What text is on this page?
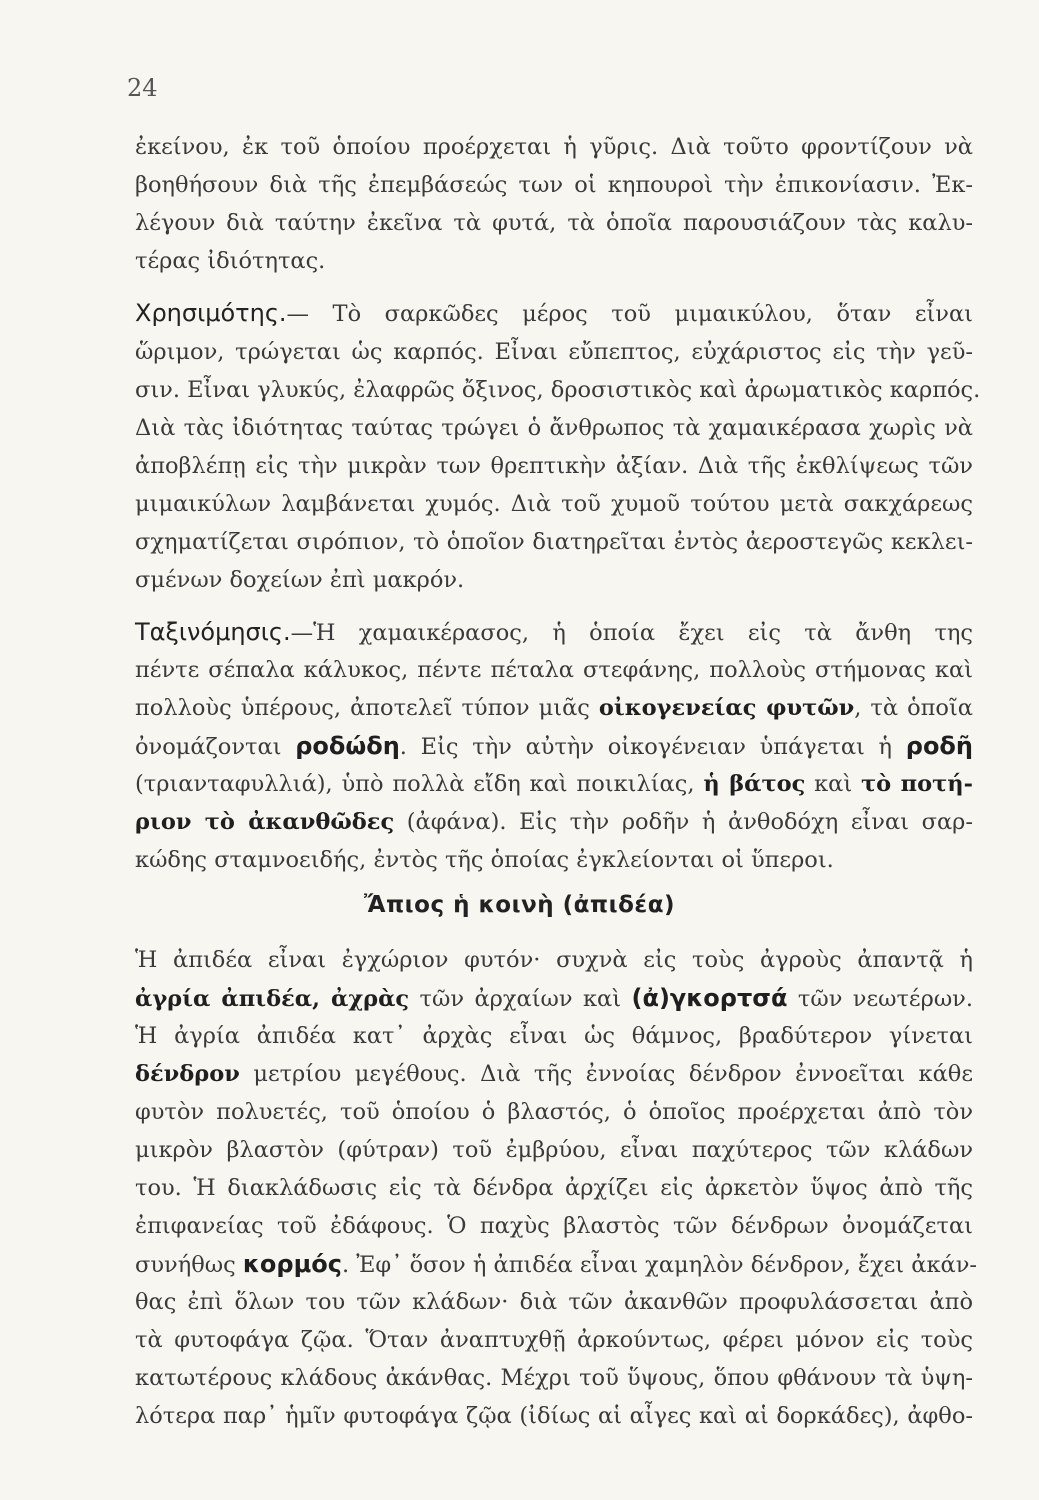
24
ἐκείνου, ἐκ τοῦ ὁποίου προέρχεται ἡ γῦρις. Διὰ τοῦτο φροντίζουν νὰ
βοηθήσουν διὰ τῆς ἐπεμβάσεώς των οἱ κηπουροὶ τὴν ἐπικονίασιν. Ἐκ-
λέγουν διὰ ταύτην ἐκεῖνα τὰ φυτά, τὰ ὁποῖα παρουσιάζουν τὰς καλυ-
τέρας ἰδιότητας.
Χρησιμότης.— Τὸ σαρκῶδες μέρος τοῦ μιμαικύλου, ὅταν εἶναι
ὥριμον, τρώγεται ὡς καρπός. Εἶναι εὔπεπτος, εὐχάριστος εἰς τὴν γεῦ-
σιν. Εἶναι γλυκύς, ἐλαφρῶς ὄξινος, δροσιστικὸς καὶ ἀρωματικὸς καρπός.
Διὰ τὰς ἰδιότητας ταύτας τρώγει ὁ ἄνθρωπος τὰ χαμαικέρασα χωρὶς νὰ
ἀποβλέπῃ εἰς τὴν μικρὰν των θρεπτικὴν ἀξίαν. Διὰ τῆς ἐκθλίψεως τῶν
μιμαικύλων λαμβάνεται χυμός. Διὰ τοῦ χυμοῦ τούτου μετὰ σακχάρεως
σχηματίζεται σιρόπιον, τὸ ὁποῖον διατηρεῖται ἐντὸς ἀεροστεγῶς κεκλει-
σμένων δοχείων ἐπὶ μακρόν.
Ταξινόμησις.—Ἡ χαμαικέρασος, ἡ ὁποία ἔχει εἰς τὰ ἄνθη της
πέντε σέπαλα κάλυκος, πέντε πέταλα στεφάνης, πολλοὺς στήμονας καὶ
πολλοὺς ὑπέρους, ἀποτελεῖ τύπον μιᾶς οἰκογενείας φυτῶν, τὰ ὁποῖα
ὀνομάζονται ροδώδη. Εἰς τὴν αὐτὴν οἰκογένειαν ὑπάγεται ἡ ροδῆ
(τριανταφυλλιά), ὑπὸ πολλὰ εἴδη καὶ ποικιλίας, ἡ βάτος καὶ τὸ ποτή-
ριον τὸ ἀκανθῶδες (ἀφάνα). Εἰς τὴν ροδῆν ἡ ἀνθοδόχη εἶναι σαρ-
κώδης σταμνοειδής, ἐντὸς τῆς ὁποίας ἐγκλείονται οἱ ὕπεροι.
Ἡ ἀπιδέα εἶναι ἐγχώριον φυτόν· συχνὰ εἰς τοὺς ἀγροὺς ἀπαντᾷ ἡ
ἀγρία ἀπιδέα, ἀχρὰς τῶν ἀρχαίων καὶ (ἀ)γκορτσά τῶν νεωτέρων.
Ἡ ἀγρία ἀπιδέα κατ᾿ ἀρχὰς εἶναι ὡς θάμνος, βραδύτερον γίνεται
δένδρον μετρίου μεγέθους. Διὰ τῆς ἐννοίας δένδρον ἐννοεῖται κάθε
φυτὸν πολυετές, τοῦ ὁποίου ὁ βλαστός, ὁ ὁποῖος προέρχεται ἀπὸ τὸν
μικρὸν βλαστὸν (φύτραν) τοῦ ἐμβρύου, εἶναι παχύτερος τῶν κλάδων
του. Ἡ διακλάδωσις εἰς τὰ δένδρα ἀρχίζει εἰς ἀρκετὸν ὕψος ἀπὸ τῆς
ἐπιφανείας τοῦ ἐδάφους. Ὁ παχὺς βλαστὸς τῶν δένδρων ὀνομάζεται
συνήθως κορμός. Ἐφ᾿ ὅσον ἡ ἀπιδέα εἶναι χαμηλὸν δένδρον, ἔχει ἀκάν-
θας ἐπὶ ὅλων του τῶν κλάδων· διὰ τῶν ἀκανθῶν προφυλάσσεται ἀπὸ
τὰ φυτοφάγα ζῷα. Ὅταν ἀναπτυχθῇ ἀρκούντως, φέρει μόνον εἰς τοὺς
κατωτέρους κλάδους ἀκάνθας. Μέχρι τοῦ ὕψους, ὅπου φθάνουν τὰ ὑψη-
λότερα παρ᾿ ἡμῖν φυτοφάγα ζῷα (ἰδίως αἱ αἶγες καὶ αἱ δορκάδες), ἀφθο-
Ἄπιος ἡ κοινὴ (ἀπιδέα)
